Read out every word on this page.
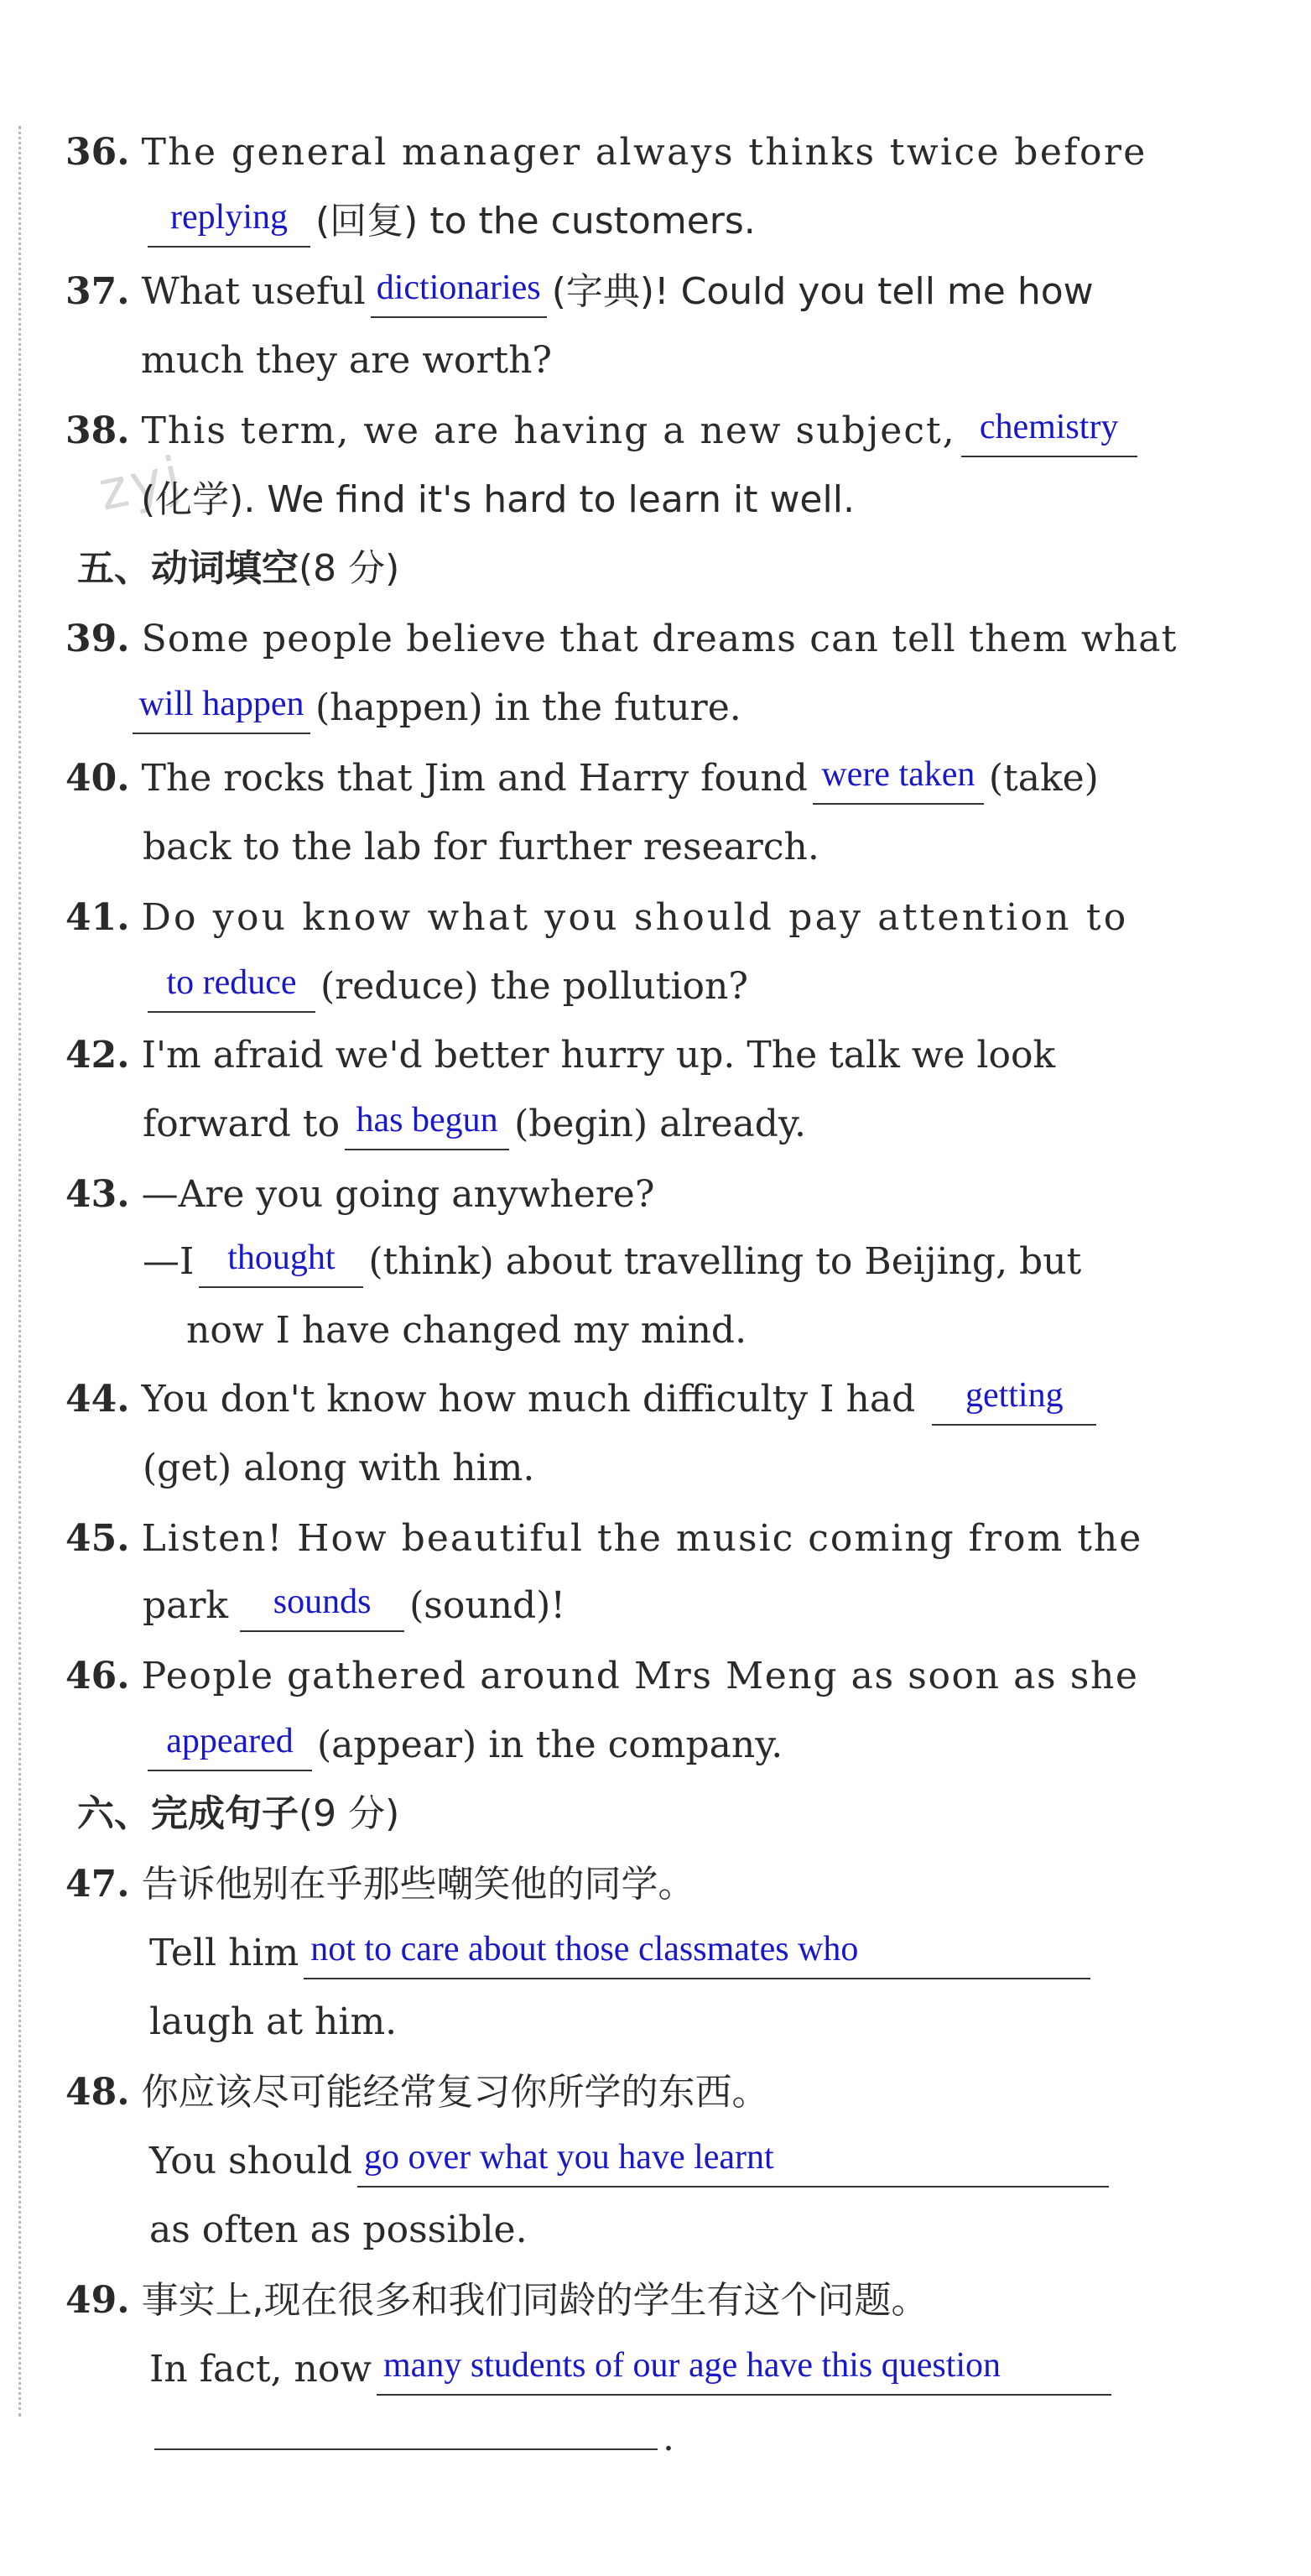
zyj
36. The general manager always thinks twice before
replying (回复) to the customers.
37. What useful dictionaries (字典)! Could you tell me how
much they are worth?
38. This term, we are having a new subject, chemistry
(化学). We find it's hard to learn it well.
五、动词填空(8 分)
39. Some people believe that dreams can tell them what
will happen (happen) in the future.
40. The rocks that Jim and Harry found were taken (take)
back to the lab for further research.
41. Do you know what you should pay attention to
to reduce (reduce) the pollution?
42. I'm afraid we'd better hurry up. The talk we look
forward to has begun (begin) already.
43. —Are you going anywhere?
—I thought (think) about travelling to Beijing, but
now I have changed my mind.
44. You don't know how much difficulty I had getting
(get) along with him.
45. Listen! How beautiful the music coming from the
park sounds (sound)!
46. People gathered around Mrs Meng as soon as she
appeared (appear) in the company.
六、完成句子(9 分)
47. 告诉他别在乎那些嘲笑他的同学。
Tell him not to care about those classmates who
laugh at him.
48. 你应该尽可能经常复习你所学的东西。
You should go over what you have learnt
as often as possible.
49. 事实上,现在很多和我们同龄的学生有这个问题。
In fact, now many students of our age have this question
.
